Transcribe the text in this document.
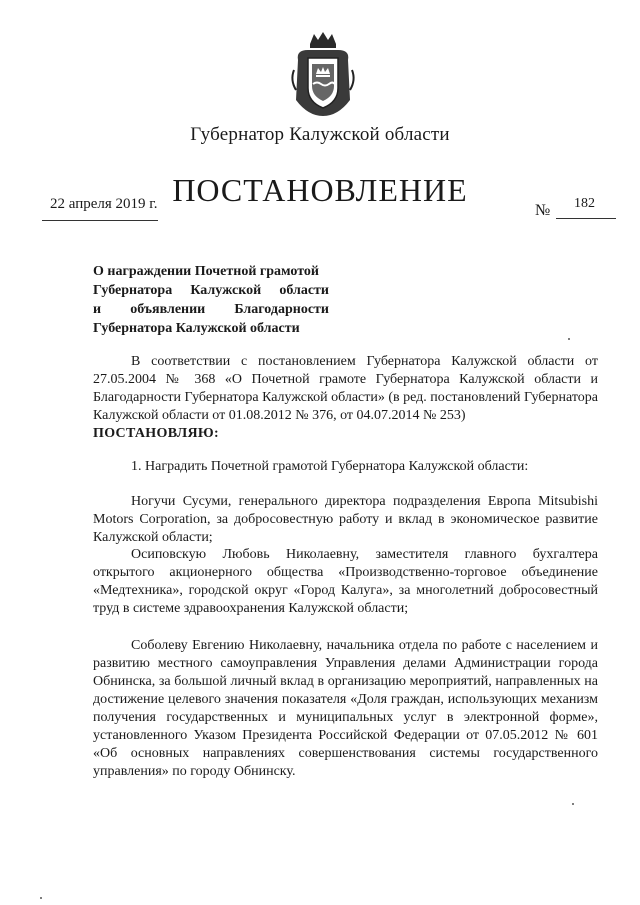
Губернатор Калужской области
ПОСТАНОВЛЕНИЕ
22 апреля 2019 г.	№ 182
О награждении Почетной грамотой
Губернатора Калужской области
и объявлении Благодарности
Губернатора Калужской области
В соответствии с постановлением Губернатора Калужской области от 27.05.2004 № 368 «О Почетной грамоте Губернатора Калужской области и Благодарности Губернатора Калужской области» (в ред. постановлений Губернатора Калужской области от 01.08.2012 № 376, от 04.07.2014 № 253)
ПОСТАНОВЛЯЮ:
1. Наградить Почетной грамотой Губернатора Калужской области:
Ногучи Сусуми, генерального директора подразделения Европа Mitsubishi Motors Corporation, за добросовестную работу и вклад в экономическое развитие Калужской области;
Осиповскую Любовь Николаевну, заместителя главного бухгалтера открытого акционерного общества «Производственно-торговое объединение «Медтехника», городской округ «Город Калуга», за многолетний добросовестный труд в системе здравоохранения Калужской области;
Соболеву Евгению Николаевну, начальника отдела по работе с населением и развитию местного самоуправления Управления делами Администрации города Обнинска, за большой личный вклад в организацию мероприятий, направленных на достижение целевого значения показателя «Доля граждан, использующих механизм получения государственных и муниципальных услуг в электронной форме», установленного Указом Президента Российской Федерации от 07.05.2012 № 601 «Об основных направлениях совершенствования системы государственного управления» по городу Обнинску.
